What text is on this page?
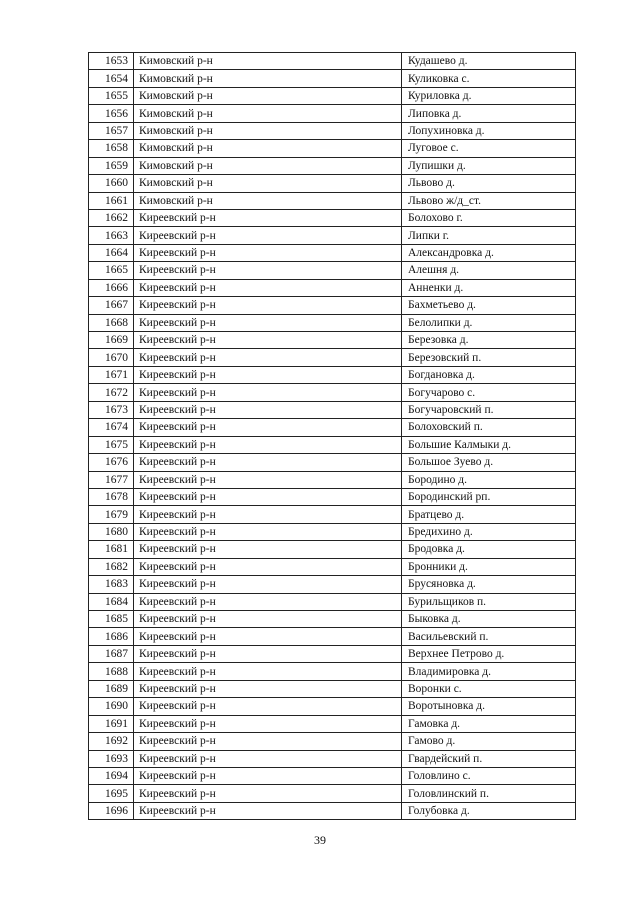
1653	Кимовский р-н	Кудашево д.
1654	Кимовский р-н	Куликовка с.
1655	Кимовский р-н	Куриловка д.
1656	Кимовский р-н	Липовка д.
1657	Кимовский р-н	Лопухиновка д.
1658	Кимовский р-н	Луговое с.
1659	Кимовский р-н	Лупишки д.
1660	Кимовский р-н	Львово д.
1661	Кимовский р-н	Львово ж/д_ст.
1662	Киреевский р-н	Болохово г.
1663	Киреевский р-н	Липки г.
1664	Киреевский р-н	Александровка д.
1665	Киреевский р-н	Алешня д.
1666	Киреевский р-н	Анненки д.
1667	Киреевский р-н	Бахметьево д.
1668	Киреевский р-н	Белолипки д.
1669	Киреевский р-н	Березовка д.
1670	Киреевский р-н	Березовский п.
1671	Киреевский р-н	Богдановка д.
1672	Киреевский р-н	Богучарово с.
1673	Киреевский р-н	Богучаровский п.
1674	Киреевский р-н	Болоховский п.
1675	Киреевский р-н	Большие Калмыки д.
1676	Киреевский р-н	Большое Зуево д.
1677	Киреевский р-н	Бородино д.
1678	Киреевский р-н	Бородинский рп.
1679	Киреевский р-н	Братцево д.
1680	Киреевский р-н	Бредихино д.
1681	Киреевский р-н	Бродовка д.
1682	Киреевский р-н	Бронники д.
1683	Киреевский р-н	Брусяновка д.
1684	Киреевский р-н	Бурильщиков п.
1685	Киреевский р-н	Быковка д.
1686	Киреевский р-н	Васильевский п.
1687	Киреевский р-н	Верхнее Петрово д.
1688	Киреевский р-н	Владимировка д.
1689	Киреевский р-н	Воронки с.
1690	Киреевский р-н	Воротыновка д.
1691	Киреевский р-н	Гамовка д.
1692	Киреевский р-н	Гамово д.
1693	Киреевский р-н	Гвардейский п.
1694	Киреевский р-н	Головлино с.
1695	Киреевский р-н	Головлинский п.
1696	Киреевский р-н	Голубовка д.
39
